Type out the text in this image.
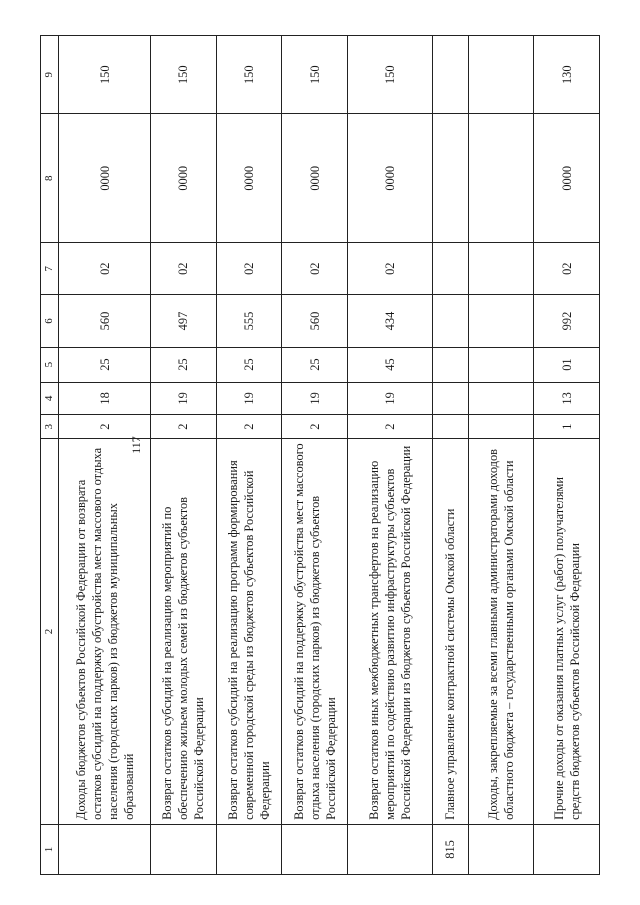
117
1	2	3	4	5	6	7	8	9
	Доходы бюджетов субъектов Российской Федерации от возврата остатков субсидий на поддержку обустройства мест массового отдыха населения (городских парков) из бюджетов муниципальных образований	2	18	25	560	02	0000	150
	Возврат остатков субсидий на реализацию мероприятий по обеспечению жильем молодых семей из бюджетов субъектов Российской Федерации	2	19	25	497	02	0000	150
	Возврат остатков субсидий на реализацию программ формирования современной городской среды из бюджетов субъектов Российской Федерации	2	19	25	555	02	0000	150
	Возврат остатков субсидий на поддержку обустройства мест массового отдыха населения (городских парков) из бюджетов субъектов Российской Федерации	2	19	25	560	02	0000	150
	Возврат остатков иных межбюджетных трансфертов на реализацию мероприятий по содействию развитию инфраструктуры субъектов Российской Федерации из бюджетов субъектов Российской Федерации	2	19	45	434	02	0000	150
815	Главное управление контрактной системы Омской области							
	Доходы, закрепляемые за всеми главными администраторами доходов областного бюджета – государственными органами Омской области							
	Прочие доходы от оказания платных услуг (работ) получателями средств бюджетов субъектов Российской Федерации	1	13	01	992	02	0000	130
